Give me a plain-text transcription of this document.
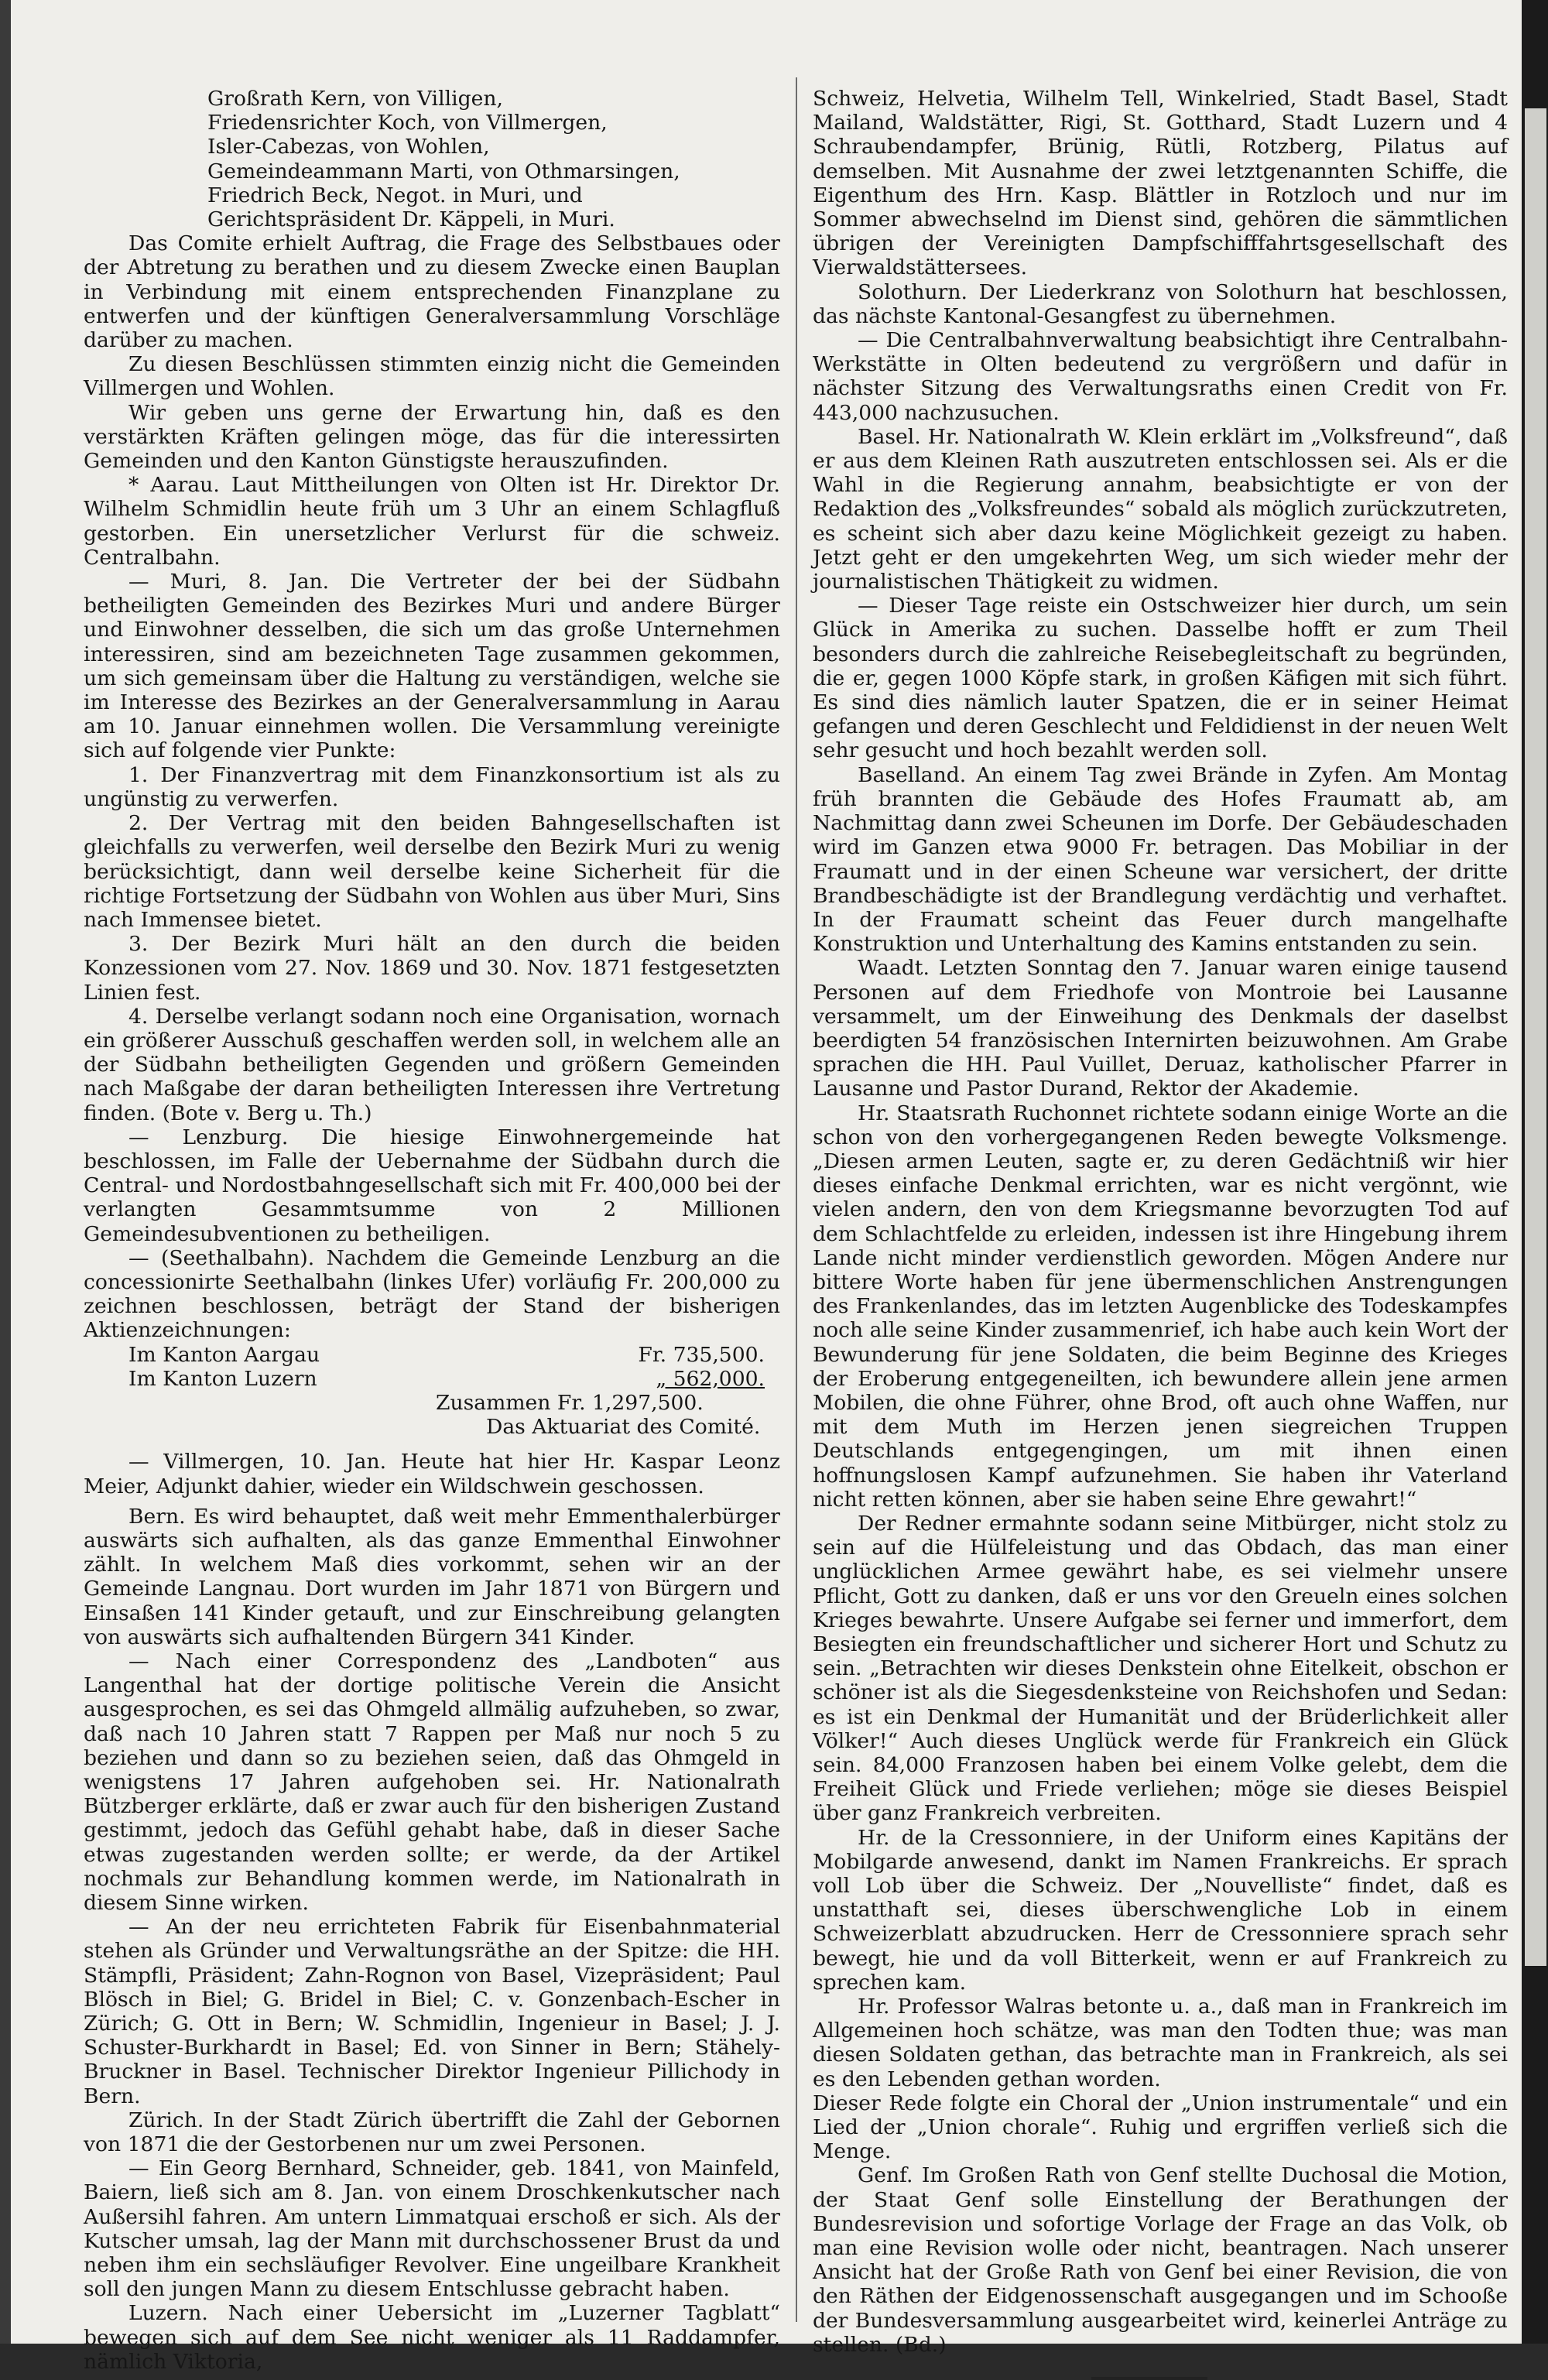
Großrath Kern, von Villigen,
Friedensrichter Koch, von Villmergen,
Isler-Cabezas, von Wohlen,
Gemeindeammann Marti, von Othmarsingen,
Friedrich Beck, Negot. in Muri, und
Gerichtspräsident Dr. Käppeli, in Muri.

Das Comite erhielt Auftrag, die Frage des Selbstbaues oder der Abtretung zu berathen und zu diesem Zwecke einen Bauplan in Verbindung mit einem entsprechenden Finanzplane zu entwerfen und der künftigen Generalversammlung Vorschläge darüber zu machen.

Zu diesen Beschlüssen stimmten einzig nicht die Gemeinden Villmergen und Wohlen.

Wir geben uns gerne der Erwartung hin, daß es den verstärkten Kräften gelingen möge, das für die interessirten Gemeinden und den Kanton Günstigste herauszufinden.

* Aarau. Laut Mittheilungen von Olten ist Hr. Direktor Dr. Wilhelm Schmidlin heute früh um 3 Uhr an einem Schlagfluß gestorben. Ein unersetzlicher Verlurst für die schweiz. Centralbahn.

— Muri, 8. Jan. Die Vertreter der bei der Südbahn betheiligten Gemeinden des Bezirkes Muri und andere Bürger und Einwohner desselben, die sich um das große Unternehmen interessiren, sind am bezeichneten Tage zusammen gekommen, um sich gemeinsam über die Haltung zu verständigen, welche sie im Interesse des Bezirkes an der Generalversammlung in Aarau am 10. Januar einnehmen wollen. Die Versammlung vereinigte sich auf folgende vier Punkte:

1. Der Finanzvertrag mit dem Finanzkonsortium ist als zu ungünstig zu verwerfen.

2. Der Vertrag mit den beiden Bahngesellschaften ist gleichfalls zu verwerfen, weil derselbe den Bezirk Muri zu wenig berücksichtigt, dann weil derselbe keine Sicherheit für die richtige Fortsetzung der Südbahn von Wohlen aus über Muri, Sins nach Immensee bietet.

3. Der Bezirk Muri hält an den durch die beiden Konzessionen vom 27. Nov. 1869 und 30. Nov. 1871 festgesetzten Linien fest.

4. Derselbe verlangt sodann noch eine Organisation, wornach ein größerer Ausschuß geschaffen werden soll, in welchem alle an der Südbahn betheiligten Gegenden und größern Gemeinden nach Maßgabe der daran betheiligten Interessen ihre Vertretung finden. (Bote v. Berg u. Th.)

— Lenzburg. Die hiesige Einwohnergemeinde hat beschlossen, im Falle der Uebernahme der Südbahn durch die Central- und Nordostbahngesellschaft sich mit Fr. 400,000 bei der verlangten Gesammtsumme von 2 Millionen Gemeindesubventionen zu betheiligen.

— (Seethalbahn). Nachdem die Gemeinde Lenzburg an die concessionirte Seethalbahn (linkes Ufer) vorläufig Fr. 200,000 zu zeichnen beschlossen, beträgt der Stand der bisherigen Aktienzeichnungen:

Im Kanton Aargau	Fr. 735,500.
Im Kanton Luzern	„ 562,000.
Zusammen Fr. 1,297,500.
Das Aktuariat des Comité.

— Villmergen, 10. Jan. Heute hat hier Hr. Kaspar Leonz Meier, Adjunkt dahier, wieder ein Wildschwein geschossen.

Bern. Es wird behauptet, daß weit mehr Emmenthalerbürger auswärts sich aufhalten, als das ganze Emmenthal Einwohner zählt. In welchem Maß dies vorkommt, sehen wir an der Gemeinde Langnau. Dort wurden im Jahr 1871 von Bürgern und Einsaßen 141 Kinder getauft, und zur Einschreibung gelangten von auswärts sich aufhaltenden Bürgern 341 Kinder.

— Nach einer Correspondenz des „Landboten“ aus Langenthal hat der dortige politische Verein die Ansicht ausgesprochen, es sei das Ohmgeld allmälig aufzuheben, so zwar, daß nach 10 Jahren statt 7 Rappen per Maß nur noch 5 zu beziehen und dann so zu beziehen seien, daß das Ohmgeld in wenigstens 17 Jahren aufgehoben sei. Hr. Nationalrath Bützberger erklärte, daß er zwar auch für den bisherigen Zustand gestimmt, jedoch das Gefühl gehabt habe, daß in dieser Sache etwas zugestanden werden sollte; er werde, da der Artikel nochmals zur Behandlung kommen werde, im Nationalrath in diesem Sinne wirken.

— An der neu errichteten Fabrik für Eisenbahnmaterial stehen als Gründer und Verwaltungsräthe an der Spitze: die HH. Stämpfli, Präsident; Zahn-Rognon von Basel, Vizepräsident; Paul Blösch in Biel; G. Bridel in Biel; C. v. Gonzenbach-Escher in Zürich; G. Ott in Bern; W. Schmidlin, Ingenieur in Basel; J. J. Schuster-Burkhardt in Basel; Ed. von Sinner in Bern; Stähely-Bruckner in Basel. Technischer Direktor Ingenieur Pillichody in Bern.

Zürich. In der Stadt Zürich übertrifft die Zahl der Gebornen von 1871 die der Gestorbenen nur um zwei Personen.

— Ein Georg Bernhard, Schneider, geb. 1841, von Mainfeld, Baiern, ließ sich am 8. Jan. von einem Droschkenkutscher nach Außersihl fahren. Am untern Limmatquai erschoß er sich. Als der Kutscher umsah, lag der Mann mit durchschossener Brust da und neben ihm ein sechsläufiger Revolver. Eine ungeilbare Krankheit soll den jungen Mann zu diesem Entschlusse gebracht haben.

Luzern. Nach einer Uebersicht im „Luzerner Tagblatt“ bewegen sich auf dem See nicht weniger als 11 Raddampfer, nämlich Viktoria,

Schweiz, Helvetia, Wilhelm Tell, Winkelried, Stadt Basel, Stadt Mailand, Waldstätter, Rigi, St. Gotthard, Stadt Luzern und 4 Schraubendampfer, Brünig, Rütli, Rotzberg, Pilatus auf demselben. Mit Ausnahme der zwei letztgenannten Schiffe, die Eigenthum des Hrn. Kasp. Blättler in Rotzloch und nur im Sommer abwechselnd im Dienst sind, gehören die sämmtlichen übrigen der Vereinigten Dampfschifffahrtsgesellschaft des Vierwaldstättersees.

Solothurn. Der Liederkranz von Solothurn hat beschlossen, das nächste Kantonal-Gesangfest zu übernehmen.

— Die Centralbahnverwaltung beabsichtigt ihre Centralbahn-Werkstätte in Olten bedeutend zu vergrößern und dafür in nächster Sitzung des Verwaltungsraths einen Credit von Fr. 443,000 nachzusuchen.

Basel. Hr. Nationalrath W. Klein erklärt im „Volksfreund“, daß er aus dem Kleinen Rath auszutreten entschlossen sei. Als er die Wahl in die Regierung annahm, beabsichtigte er von der Redaktion des „Volksfreundes“ sobald als möglich zurückzutreten, es scheint sich aber dazu keine Möglichkeit gezeigt zu haben. Jetzt geht er den umgekehrten Weg, um sich wieder mehr der journalistischen Thätigkeit zu widmen.

— Dieser Tage reiste ein Ostschweizer hier durch, um sein Glück in Amerika zu suchen. Dasselbe hofft er zum Theil besonders durch die zahlreiche Reisebegleitschaft zu begründen, die er, gegen 1000 Köpfe stark, in großen Käfigen mit sich führt. Es sind dies nämlich lauter Spatzen, die er in seiner Heimat gefangen und deren Geschlecht und Feldidienst in der neuen Welt sehr gesucht und hoch bezahlt werden soll.

Baselland. An einem Tag zwei Brände in Zyfen. Am Montag früh brannten die Gebäude des Hofes Fraumatt ab, am Nachmittag dann zwei Scheunen im Dorfe. Der Gebäudeschaden wird im Ganzen etwa 9000 Fr. betragen. Das Mobiliar in der Fraumatt und in der einen Scheune war versichert, der dritte Brandbeschädigte ist der Brandlegung verdächtig und verhaftet. In der Fraumatt scheint das Feuer durch mangelhafte Konstruktion und Unterhaltung des Kamins entstanden zu sein.

Waadt. Letzten Sonntag den 7. Januar waren einige tausend Personen auf dem Friedhofe von Montroie bei Lausanne versammelt, um der Einweihung des Denkmals der daselbst beerdigten 54 französischen Internirten beizuwohnen. Am Grabe sprachen die HH. Paul Vuillet, Deruaz, katholischer Pfarrer in Lausanne und Pastor Durand, Rektor der Akademie.

Hr. Staatsrath Ruchonnet richtete sodann einige Worte an die schon von den vorhergegangenen Reden bewegte Volksmenge. „Diesen armen Leuten, sagte er, zu deren Gedächtniß wir hier dieses einfache Denkmal errichten, war es nicht vergönnt, wie vielen andern, den von dem Kriegsmanne bevorzugten Tod auf dem Schlachtfelde zu erleiden, indessen ist ihre Hingebung ihrem Lande nicht minder verdienstlich geworden. Mögen Andere nur bittere Worte haben für jene übermenschlichen Anstrengungen des Frankenlandes, das im letzten Augenblicke des Todeskampfes noch alle seine Kinder zusammenrief, ich habe auch kein Wort der Bewunderung für jene Soldaten, die beim Beginne des Krieges der Eroberung entgegeneilten, ich bewundere allein jene armen Mobilen, die ohne Führer, ohne Brod, oft auch ohne Waffen, nur mit dem Muth im Herzen jenen siegreichen Truppen Deutschlands entgegengingen, um mit ihnen einen hoffnungslosen Kampf aufzunehmen. Sie haben ihr Vaterland nicht retten können, aber sie haben seine Ehre gewahrt!“

Der Redner ermahnte sodann seine Mitbürger, nicht stolz zu sein auf die Hülfeleistung und das Obdach, das man einer unglücklichen Armee gewährt habe, es sei vielmehr unsere Pflicht, Gott zu danken, daß er uns vor den Greueln eines solchen Krieges bewahrte. Unsere Aufgabe sei ferner und immerfort, dem Besiegten ein freundschaftlicher und sicherer Hort und Schutz zu sein. „Betrachten wir dieses Denkstein ohne Eitelkeit, obschon er schöner ist als die Siegesdenksteine von Reichshofen und Sedan: es ist ein Denkmal der Humanität und der Brüderlichkeit aller Völker!“ Auch dieses Unglück werde für Frankreich ein Glück sein. 84,000 Franzosen haben bei einem Volke gelebt, dem die Freiheit Glück und Friede verliehen; möge sie dieses Beispiel über ganz Frankreich verbreiten.

Hr. de la Cressonniere, in der Uniform eines Kapitäns der Mobilgarde anwesend, dankt im Namen Frankreichs. Er sprach voll Lob über die Schweiz. Der „Nouvelliste“ findet, daß es unstatthaft sei, dieses überschwengliche Lob in einem Schweizerblatt abzudrucken. Herr de Cressonniere sprach sehr bewegt, hie und da voll Bitterkeit, wenn er auf Frankreich zu sprechen kam.

Hr. Professor Walras betonte u. a., daß man in Frankreich im Allgemeinen hoch schätze, was man den Todten thue; was man diesen Soldaten gethan, das betrachte man in Frankreich, als sei es den Lebenden gethan worden.

Dieser Rede folgte ein Choral der „Union instrumentale“ und ein Lied der „Union chorale“. Ruhig und ergriffen verließ sich die Menge.

Genf. Im Großen Rath von Genf stellte Duchosal die Motion, der Staat Genf solle Einstellung der Berathungen der Bundesrevision und sofortige Vorlage der Frage an das Volk, ob man eine Revision wolle oder nicht, beantragen. Nach unserer Ansicht hat der Große Rath von Genf bei einer Revision, die von den Räthen der Eidgenossenschaft ausgegangen und im Schooße der Bundesversammlung ausgearbeitet wird, keinerlei Anträge zu stellen. (Bd.)
